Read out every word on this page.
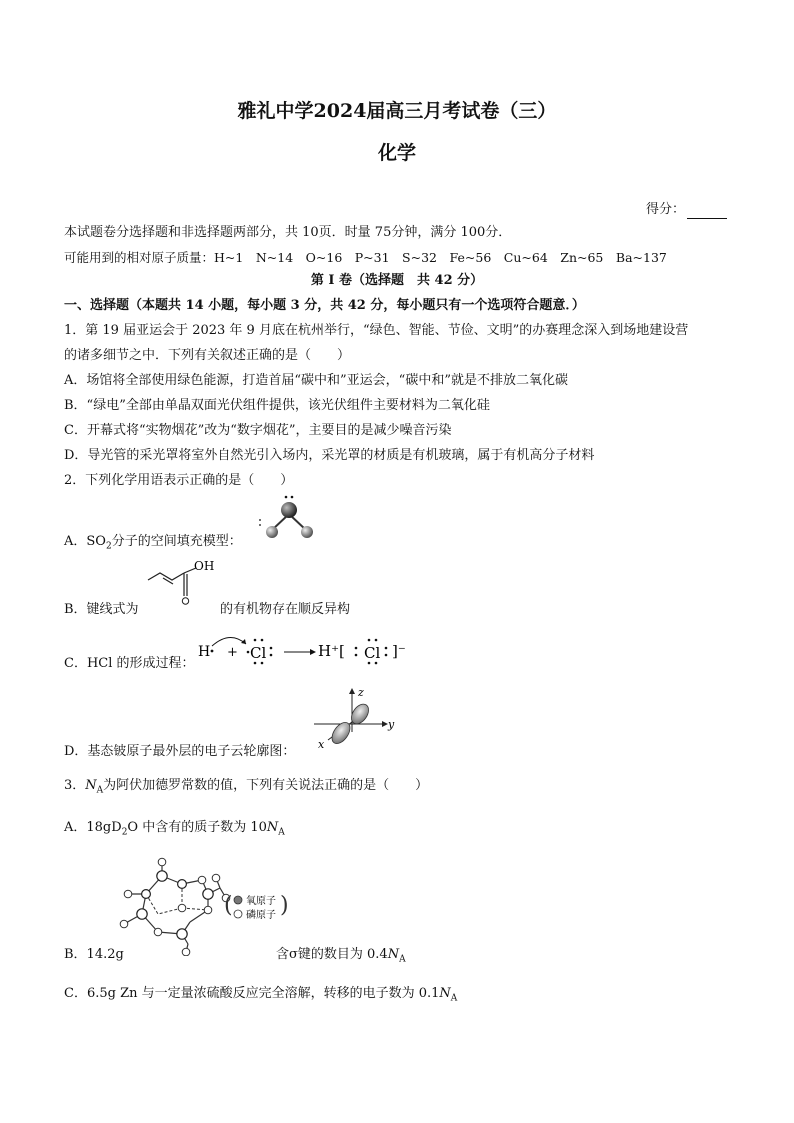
雅礼中学2024届高三月考试卷（三）
化学
得分：
本试题卷分选择题和非选择题两部分，共 10页．时量 75分钟，满分 100分．
可能用到的相对原子质量：H~1　N~14　O~16　P~31　S~32　Fe~56　Cu~64　Zn~65　Ba~137
第 I 卷（选择题　共 42 分）
一、选择题（本题共 14 小题，每小题 3 分，共 42 分，每小题只有一个选项符合题意．）
1．第 19 届亚运会于 2023 年 9 月底在杭州举行，“绿色、智能、节俭、文明”的办赛理念深入到场地建设营
的诸多细节之中．下列有关叙述正确的是（　　）
A．场馆将全部使用绿色能源，打造首届“碳中和”亚运会，“碳中和”就是不排放二氧化碳
B．“绿电”全部由单晶双面光伏组件提供，该光伏组件主要材料为二氧化硅
C．开幕式将“实物烟花”改为“数字烟花”，主要目的是减少噪音污染
D．导光管的采光罩将室外自然光引入场内，采光罩的材质是有机玻璃，属于有机高分子材料
2．下列化学用语表示正确的是（　　）
A．$SO_2$分子的空间填充模型：
B．键线式为
OH
的有机物存在顺反异构
C．HCl 的形成过程：
H + Cl	H⁺[ Cl ]⁻
D．基态铍原子最外层的电子云轮廓图：
z
y
x
3．$N_A$为阿伏加德罗常数的值，下列有关说法正确的是（　　）
A．$18gD_2O$ 中含有的质子数为 $10N_A$
( 氧原子
磷原子 )
B．14.2g	含σ键的数目为 $0.4N_A$
C．6.5g Zn 与一定量浓硫酸反应完全溶解，转移的电子数为 $0.1N_A$
